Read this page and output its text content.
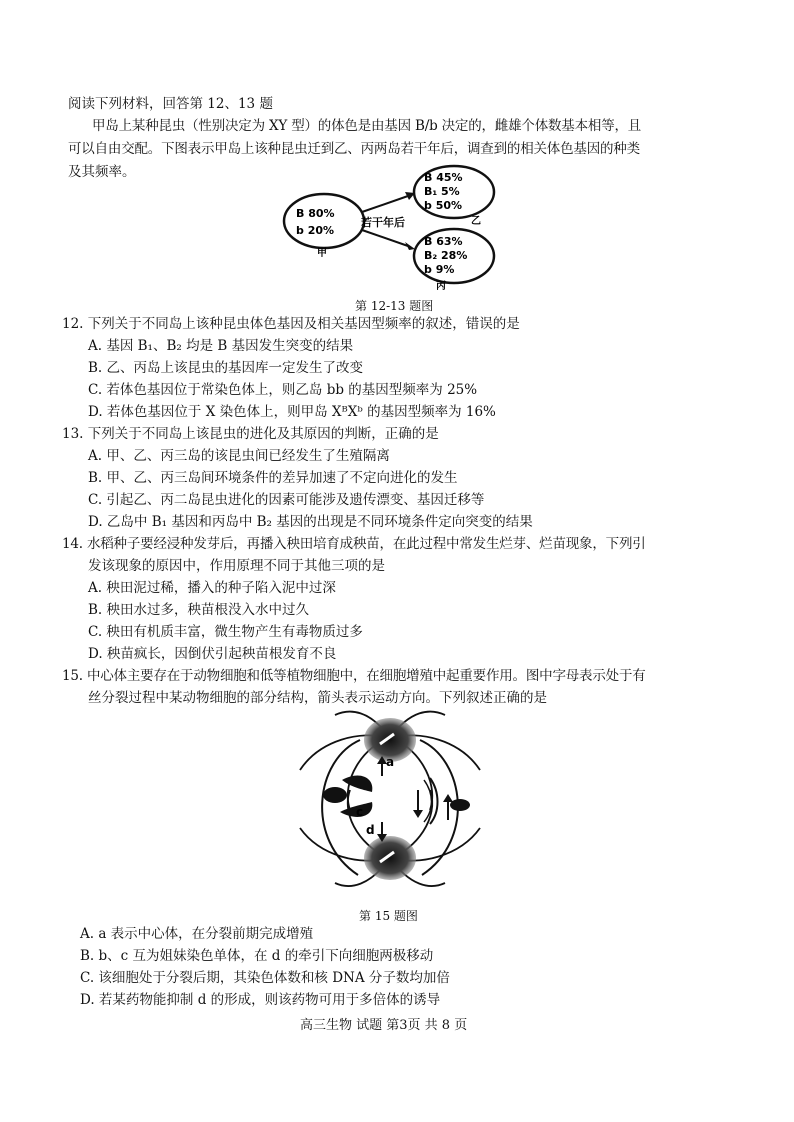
阅读下列材料，回答第 12、13 题
甲岛上某种昆虫（性别决定为 XY 型）的体色是由基因 B/b 决定的，雌雄个体数基本相等，且
可以自由交配。下图表示甲岛上该种昆虫迁到乙、丙两岛若干年后，调查到的相关体色基因的种类
及其频率。
B 80%
b 20%
甲
B 45%
B₁ 5%
b 50%
乙
B 63%
B₂ 28%
b 9%
丙
若干年后
第 12-13 题图
12. 下列关于不同岛上该种昆虫体色基因及相关基因型频率的叙述，错误的是
A. 基因 B₁、B₂ 均是 B 基因发生突变的结果
B. 乙、丙岛上该昆虫的基因库一定发生了改变
C. 若体色基因位于常染色体上，则乙岛 bb 的基因型频率为 25%
D. 若体色基因位于 X 染色体上，则甲岛 XᴮXᵇ 的基因型频率为 16%
13. 下列关于不同岛上该昆虫的进化及其原因的判断，正确的是
A. 甲、乙、丙三岛的该昆虫间已经发生了生殖隔离
B. 甲、乙、丙三岛间环境条件的差异加速了不定向进化的发生
C. 引起乙、丙二岛昆虫进化的因素可能涉及遗传漂变、基因迁移等
D. 乙岛中 B₁ 基因和丙岛中 B₂ 基因的出现是不同环境条件定向突变的结果
14. 水稻种子要经浸种发芽后，再播入秧田培育成秧苗，在此过程中常发生烂芽、烂苗现象，下列引
发该现象的原因中，作用原理不同于其他三项的是
A. 秧田泥过稀，播入的种子陷入泥中过深
B. 秧田水过多，秧苗根没入水中过久
C. 秧田有机质丰富，微生物产生有毒物质过多
D. 秧苗疯长，因倒伏引起秧苗根发育不良
15. 中心体主要存在于动物细胞和低等植物细胞中，在细胞增殖中起重要作用。图中字母表示处于有
丝分裂过程中某动物细胞的部分结构，箭头表示运动方向。下列叙述正确的是
a
b
c
d
第 15 题图
A. a 表示中心体，在分裂前期完成增殖
B. b、c 互为姐妹染色单体，在 d 的牵引下向细胞两极移动
C. 该细胞处于分裂后期，其染色体数和核 DNA 分子数均加倍
D. 若某药物能抑制 d 的形成，则该药物可用于多倍体的诱导
高三生物 试题 第3页 共 8 页
